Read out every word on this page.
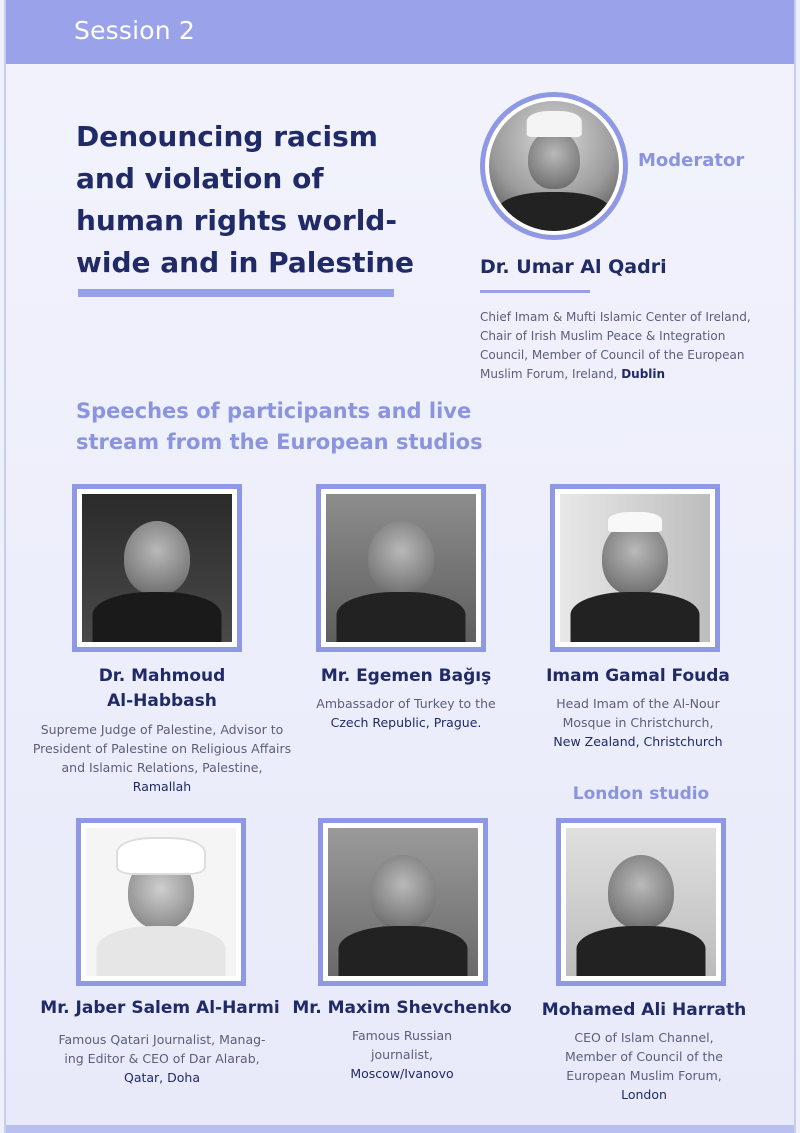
Session 2
Denouncing racism
and violation of
human rights world-
wide and in Palestine
Moderator
Dr. Umar Al Qadri
Chief Imam & Mufti Islamic Center of Ireland,
Chair of Irish Muslim Peace & Integration
Council, Member of Council of the European
Muslim Forum, Ireland, Dublin
Speeches of participants and live
stream from the European studios
Dr. Mahmoud
Al-Habbash
Supreme Judge of Palestine, Advisor to
President of Palestine on Religious Affairs
and Islamic Relations, Palestine, Ramallah
Mr. Egemen Bağış
Ambassador of Turkey to the
Czech Republic, Prague.
Imam Gamal Fouda
Head Imam of the Al-Nour
Mosque in Christchurch,
New Zealand, Christchurch
London studio
Mr. Jaber Salem Al-Harmi
Famous Qatari Journalist, Manag-
ing Editor & CEO of Dar Alarab,
Qatar, Doha
Mr. Maxim Shevchenko
Famous Russian
journalist,
Moscow/Ivanovo
Mohamed Ali Harrath
CEO of Islam Channel,
Member of Council of the
European Muslim Forum,
London
